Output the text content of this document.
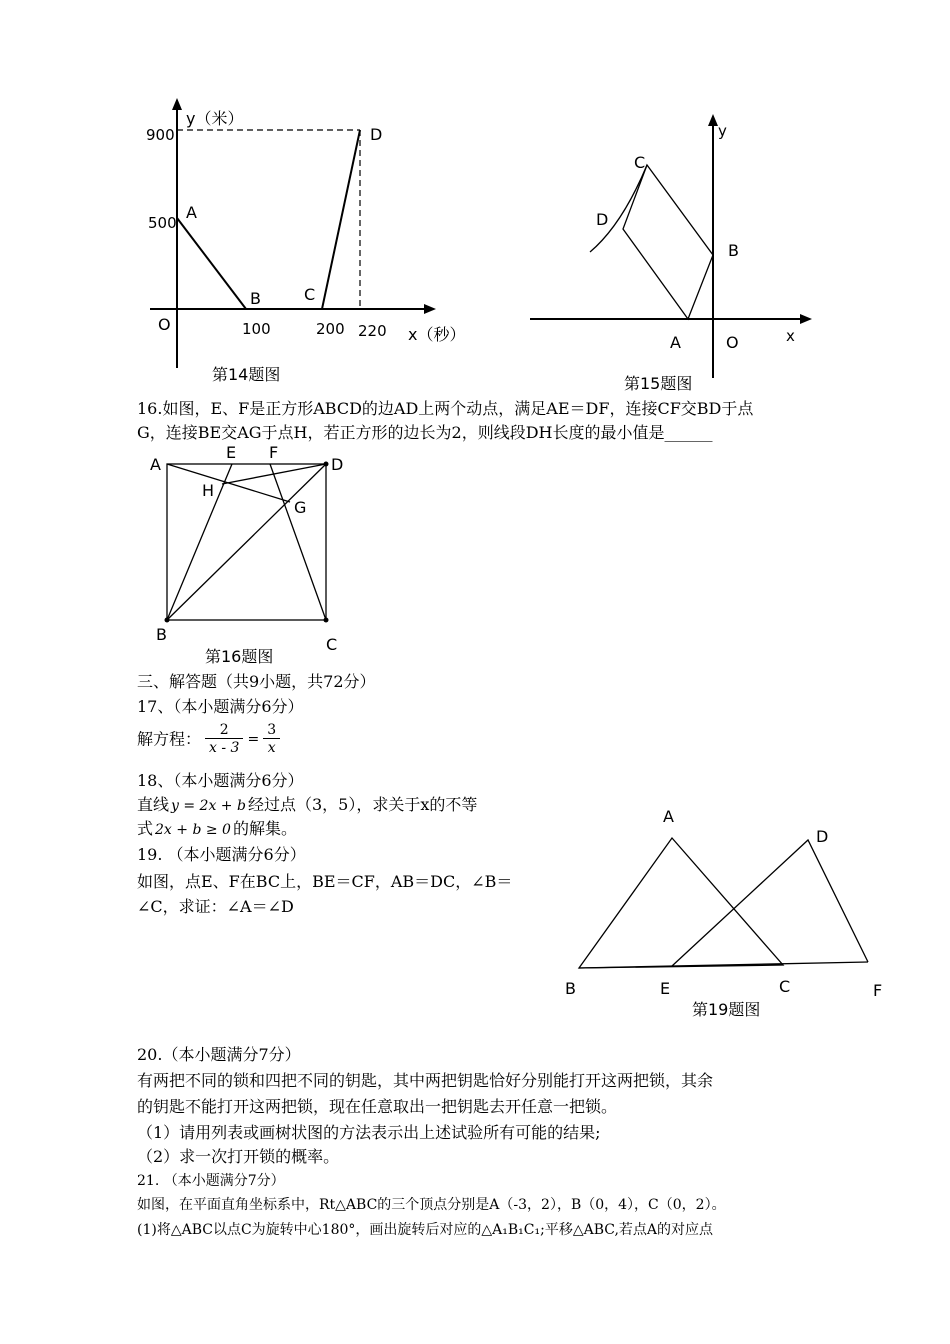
y（米）
900
500
A
B	C
D
O	100	200 220 x（秒）
第14题图
y
C
D
B
A	O	x
第15题图
A
E F
D
H
G
B
C
第16题图
A
D
B	E	C	F
第19题图
16.如图，E、F是正方形ABCD的边AD上两个动点，满足AE＝DF，连接CF交BD于点
G，连接BE交AG于点H，若正方形的边长为2，则线段DH长度的最小值是______
三、解答题（共9小题，共72分）
17、（本小题满分6分）
解方程： $\frac{2}{x - 3} = \frac{3}{x}$
18、（本小题满分6分）
直线 y = 2x + b 经过点（3，5），求关于x的不等
式 2x + b ≥ 0 的解集。
19. （本小题满分6分）
如图，点E、F在BC上，BE＝CF，AB＝DC，∠B＝
∠C，求证：∠A＝∠D
20.（本小题满分7分）
有两把不同的锁和四把不同的钥匙，其中两把钥匙恰好分别能打开这两把锁，其余
的钥匙不能打开这两把锁，现在任意取出一把钥匙去开任意一把锁。
（1）请用列表或画树状图的方法表示出上述试验所有可能的结果;
（2）求一次打开锁的概率。
21. （本小题满分7分）
如图，在平面直角坐标系中，Rt△ABC的三个顶点分别是A（-3，2），B（0，4），C（0，2）。
(1)将△ABC以点C为旋转中心180°，画出旋转后对应的△A₁B₁C₁;平移△ABC,若点A的对应点
